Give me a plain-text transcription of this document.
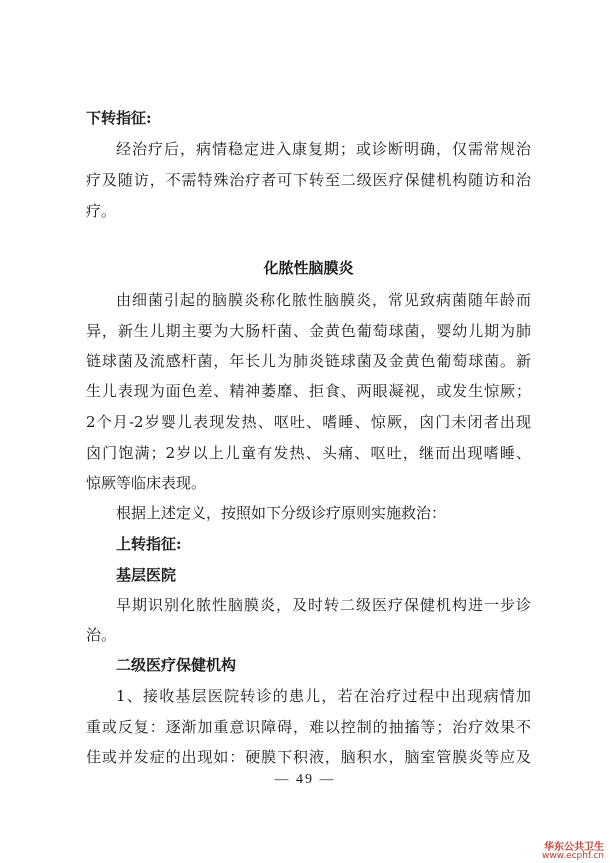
下转指征:
经治疗后，病情稳定进入康复期；或诊断明确，仅需常规治
疗及随访，不需特殊治疗者可下转至二级医疗保健机构随访和治
疗。
化脓性脑膜炎
由细菌引起的脑膜炎称化脓性脑膜炎，常见致病菌随年龄而
异，新生儿期主要为大肠杆菌、金黄色葡萄球菌，婴幼儿期为肺
链球菌及流感杆菌，年长儿为肺炎链球菌及金黄色葡萄球菌。新
生儿表现为面色差、精神萎靡、拒食、两眼凝视，或发生惊厥；
2个月-2岁婴儿表现发热、呕吐、嗜睡、惊厥，囟门未闭者出现
囟门饱满；2岁以上儿童有发热、头痛、呕吐，继而出现嗜睡、
惊厥等临床表现。
根据上述定义，按照如下分级诊疗原则实施救治：
上转指征:
基层医院
早期识别化脓性脑膜炎，及时转二级医疗保健机构进一步诊
治。
二级医疗保健机构
1、接收基层医院转诊的患儿，若在治疗过程中出现病情加
重或反复：逐渐加重意识障碍，难以控制的抽搐等；治疗效果不
佳或并发症的出现如：硬膜下积液，脑积水，脑室管膜炎等应及
— 49 —
华东公共卫生
www.ecphf.cn
